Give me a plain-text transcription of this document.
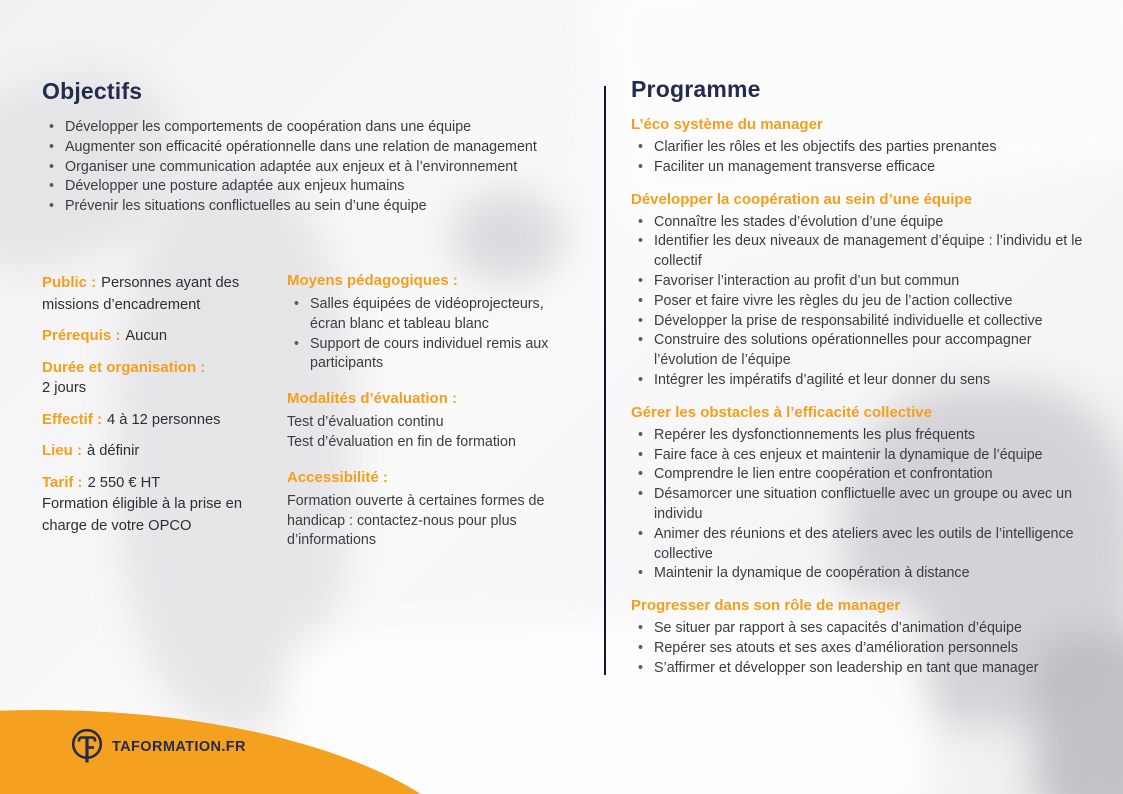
Objectifs
• Développer les comportements de coopération dans une équipe
• Augmenter son efficacité opérationnelle dans une relation de management
• Organiser une communication adaptée aux enjeux et à l’environnement
• Développer une posture adaptée aux enjeux humains
• Prévenir les situations conflictuelles au sein d’une équipe
Public : Personnes ayant des missions d’encadrement
Prérequis : Aucun
Durée et organisation :
2 jours
Effectif : 4 à 12 personnes
Lieu : à définir
Tarif : 2 550 € HT
Formation éligible à la prise en charge de votre OPCO
Moyens pédagogiques :
• Salles équipées de vidéoprojecteurs, écran blanc et tableau blanc
• Support de cours individuel remis aux participants
Modalités d’évaluation :

Test d’évaluation continu

Test d’évaluation en fin de formation

Accessibilité :

Formation ouverte à certaines formes de handicap : contactez-nous pour plus d’informations

Programme
L’éco système du manager
• Clarifier les rôles et les objectifs des parties prenantes
• Faciliter un management transverse efficace
Développer la coopération au sein d’une équipe
• Connaître les stades d’évolution d’une équipe
• Identifier les deux niveaux de management d’équipe : l’individu et le collectif
• Favoriser l’interaction au profit d’un but commun
• Poser et faire vivre les règles du jeu de l’action collective
• Développer la prise de responsabilité individuelle et collective
• Construire des solutions opérationnelles pour accompagner l’évolution de l’équipe
• Intégrer les impératifs d’agilité et leur donner du sens
Gérer les obstacles à l’efficacité collective
• Repérer les dysfonctionnements les plus fréquents
• Faire face à ces enjeux et maintenir la dynamique de l’équipe
• Comprendre le lien entre coopération et confrontation
• Désamorcer une situation conflictuelle avec un groupe ou avec un individu
• Animer des réunions et des ateliers avec les outils de l’intelligence collective
• Maintenir la dynamique de coopération à distance
Progresser dans son rôle de manager
• Se situer par rapport à ses capacités d’animation d’équipe
• Repérer ses atouts et ses axes d’amélioration personnels
• S’affirmer et développer son leadership en tant que manager
TAFORMATION.FR
